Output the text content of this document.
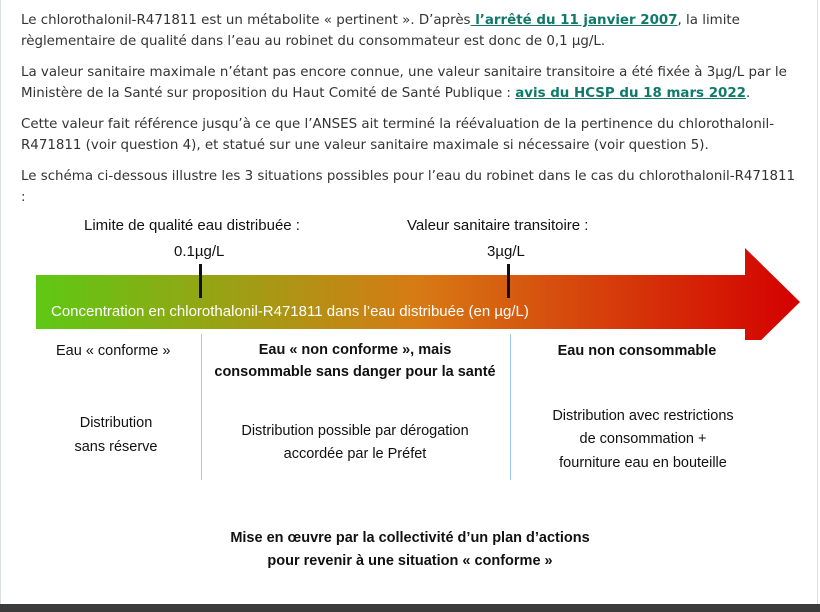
Le chlorothalonil-R471811 est un métabolite « pertinent ». D’après l’arrêté du 11 janvier 2007, la limite règlementaire de qualité dans l’eau au robinet du consommateur est donc de 0,1 µg/L.

La valeur sanitaire maximale n’étant pas encore connue, une valeur sanitaire transitoire a été fixée à 3µg/L par le Ministère de la Santé sur proposition du Haut Comité de Santé Publique : avis du HCSP du 18 mars 2022.

Cette valeur fait référence jusqu’à ce que l’ANSES ait terminé la réévaluation de la pertinence du chlorothalonil-R471811 (voir question 4), et statué sur une valeur sanitaire maximale si nécessaire (voir question 5).

Le schéma ci-dessous illustre les 3 situations possibles pour l’eau du robinet dans le cas du chlorothalonil-R471811 :

Limite de qualité eau distribuée :
0.1µg/L
Valeur sanitaire transitoire :
3µg/L
Concentration en chlorothalonil-R471811 dans l’eau distribuée (en µg/L)
Eau « conforme »	Eau « non conforme », mais
consommable sans danger pour la santé
Eau non consommable
Distribution
sans réserve
Distribution possible par dérogation
accordée par le Préfet
Distribution avec restrictions
de consommation +
fourniture eau en bouteille
Mise en œuvre par la collectivité d’un plan d’actions
pour revenir à une situation « conforme »
